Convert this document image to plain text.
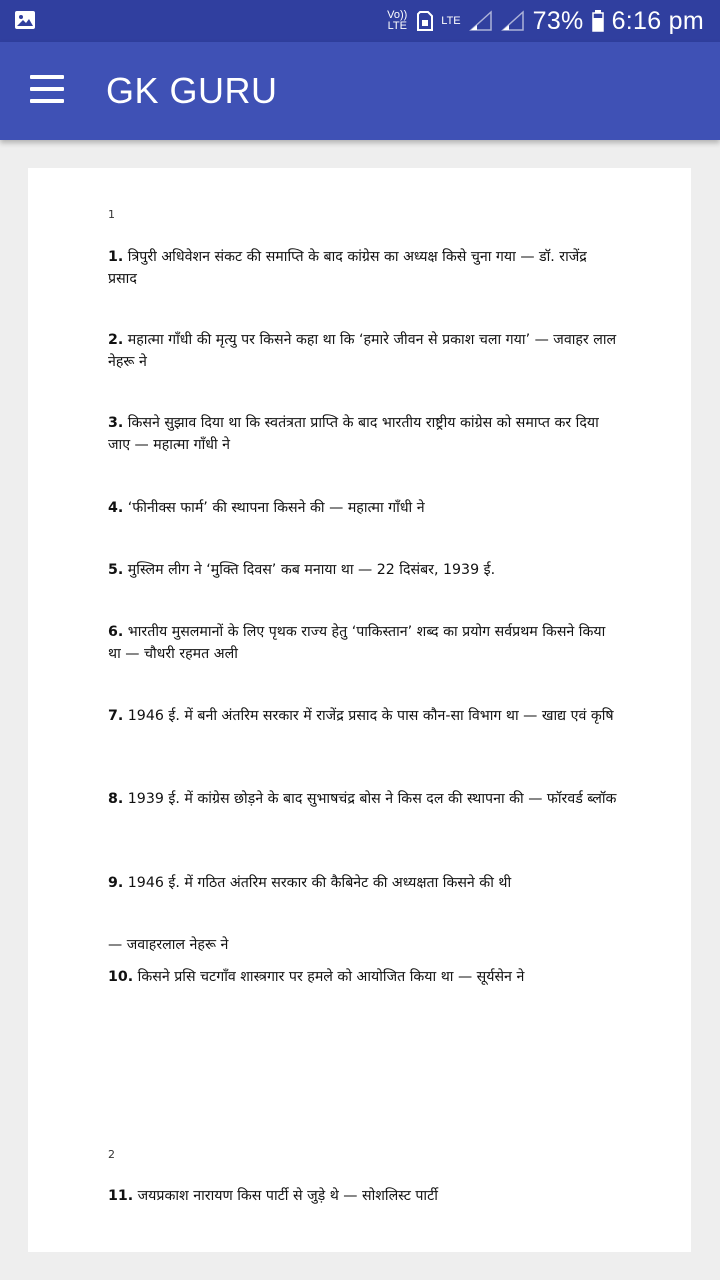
Vo)) LTE	LTE	73% 6:16 pm
GK GURU
1
1. त्रिपुरी अधिवेशन संकट की समाप्ति के बाद कांग्रेस का अध्यक्ष किसे चुना गया — डॉ. राजेंद्र प्रसाद
2. महात्मा गाँधी की मृत्यु पर किसने कहा था कि ‘हमारे जीवन से प्रकाश चला गया’ — जवाहर लाल नेहरू ने
3. किसने सुझाव दिया था कि स्वतंत्रता प्राप्ति के बाद भारतीय राष्ट्रीय कांग्रेस को समाप्त कर दिया जाए — महात्मा गाँधी ने
4. ‘फीनीक्स फार्म’ की स्थापना किसने की — महात्मा गाँधी ने
5. मुस्लिम लीग ने ‘मुक्ति दिवस’ कब मनाया था — 22 दिसंबर, 1939 ई.
6. भारतीय मुसलमानों के लिए पृथक राज्य हेतु ‘पाकिस्तान’ शब्द का प्रयोग सर्वप्रथम किसने किया था — चौधरी रहमत अली
7. 1946 ई. में बनी अंतरिम सरकार में राजेंद्र प्रसाद के पास कौन-सा विभाग था — खाद्य एवं कृषि
8. 1939 ई. में कांग्रेस छोड़ने के बाद सुभाषचंद्र बोस ने किस दल की स्थापना की — फॉरवर्ड ब्लॉक
9. 1946 ई. में गठित अंतरिम सरकार की कैबिनेट की अध्यक्षता किसने की थी
— जवाहरलाल नेहरू ने
10. किसने प्रसि चटगाँव शास्त्रगार पर हमले को आयोजित किया था — सूर्यसेन ने
2
11. जयप्रकाश नारायण किस पार्टी से जुड़े थे — सोशलिस्ट पार्टी
